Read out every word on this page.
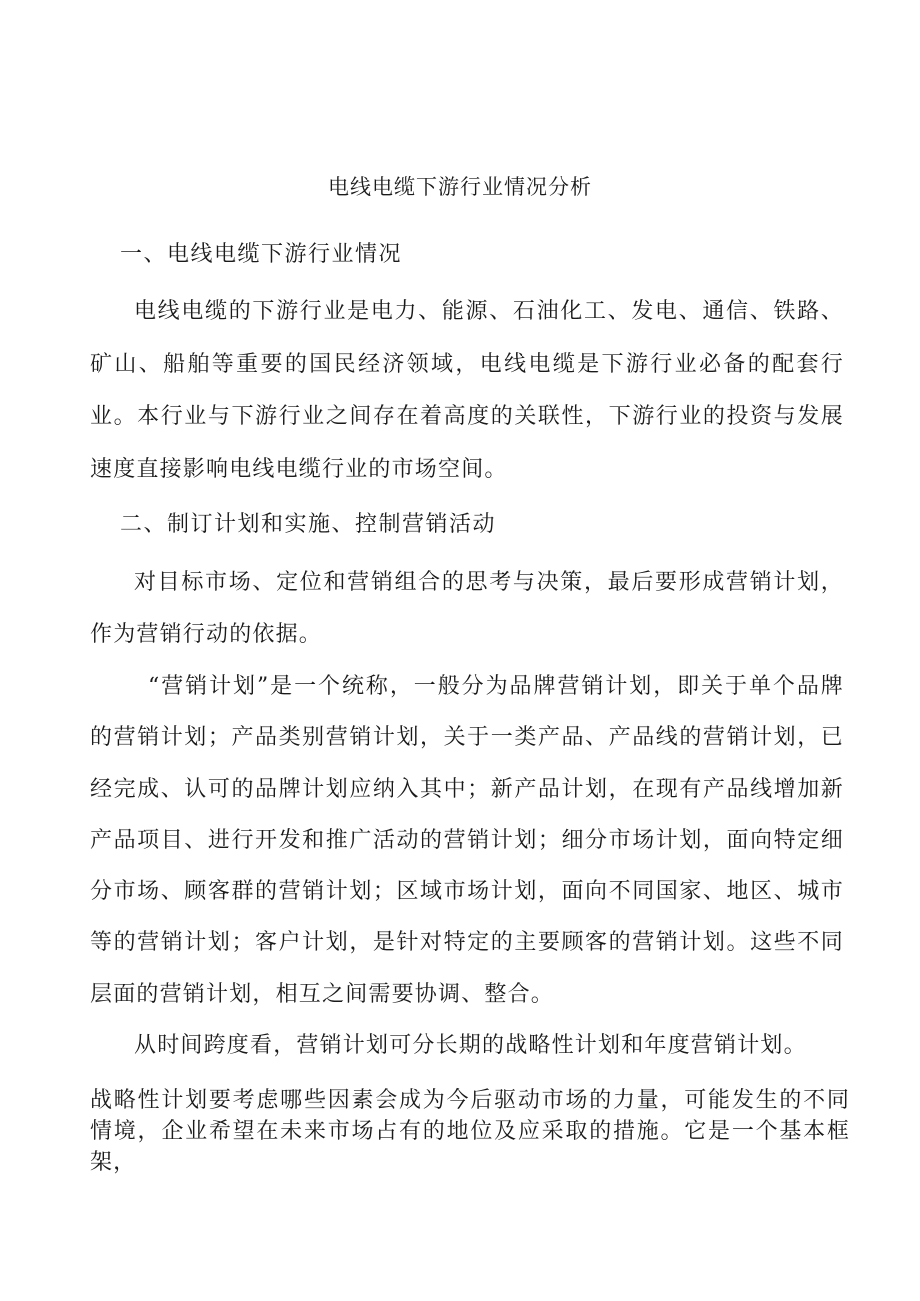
电线电缆下游行业情况分析
一、电线电缆下游行业情况

电线电缆的下游行业是电力、能源、石油化工、发电、通信、铁路、矿山、船舶等重要的国民经济领域，电线电缆是下游行业必备的配套行业。本行业与下游行业之间存在着高度的关联性，下游行业的投资与发展速度直接影响电线电缆行业的市场空间。

二、制订计划和实施、控制营销活动

对目标市场、定位和营销组合的思考与决策，最后要形成营销计划，作为营销行动的依据。

“营销计划”是一个统称，一般分为品牌营销计划，即关于单个品牌的营销计划；产品类别营销计划，关于一类产品、产品线的营销计划，已经完成、认可的品牌计划应纳入其中；新产品计划，在现有产品线增加新产品项目、进行开发和推广活动的营销计划；细分市场计划，面向特定细分市场、顾客群的营销计划；区域市场计划，面向不同国家、地区、城市等的营销计划；客户计划，是针对特定的主要顾客的营销计划。这些不同层面的营销计划，相互之间需要协调、整合。

从时间跨度看，营销计划可分长期的战略性计划和年度营销计划。

战略性计划要考虑哪些因素会成为今后驱动市场的力量，可能发生的不同情境，企业希望在未来市场占有的地位及应采取的措施。它是一个基本框架，
